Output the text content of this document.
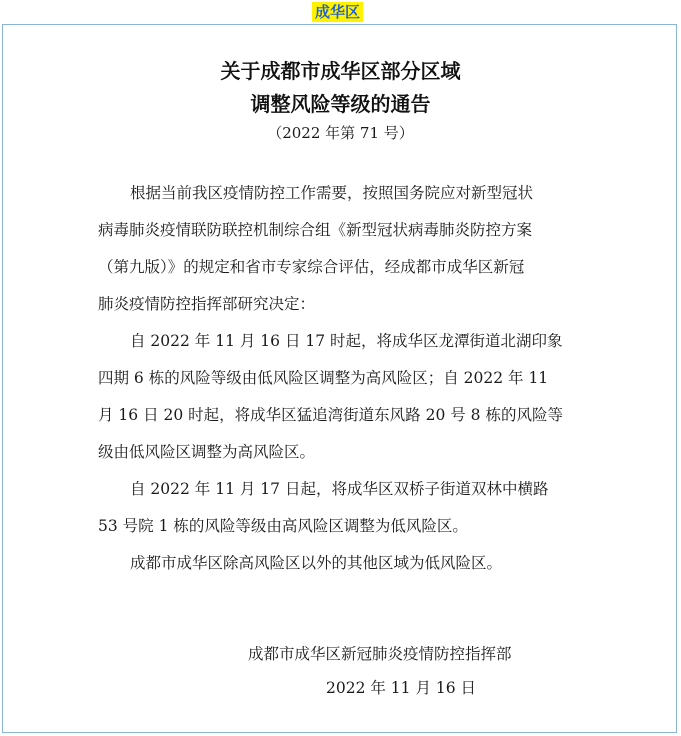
成华区
关于成都市成华区部分区域
调整风险等级的通告
（2022 年第 71 号）
根据当前我区疫情防控工作需要，按照国务院应对新型冠状
病毒肺炎疫情联防联控机制综合组《新型冠状病毒肺炎防控方案
（第九版）》的规定和省市专家综合评估，经成都市成华区新冠
肺炎疫情防控指挥部研究决定：
自 2022 年 11 月 16 日 17 时起，将成华区龙潭街道北湖印象
四期 6 栋的风险等级由低风险区调整为高风险区；自 2022 年 11
月 16 日 20 时起，将成华区猛追湾街道东风路 20 号 8 栋的风险等
级由低风险区调整为高风险区。
自 2022 年 11 月 17 日起，将成华区双桥子街道双林中横路
53 号院 1 栋的风险等级由高风险区调整为低风险区。
成都市成华区除高风险区以外的其他区域为低风险区。
成都市成华区新冠肺炎疫情防控指挥部
2022 年 11 月 16 日
